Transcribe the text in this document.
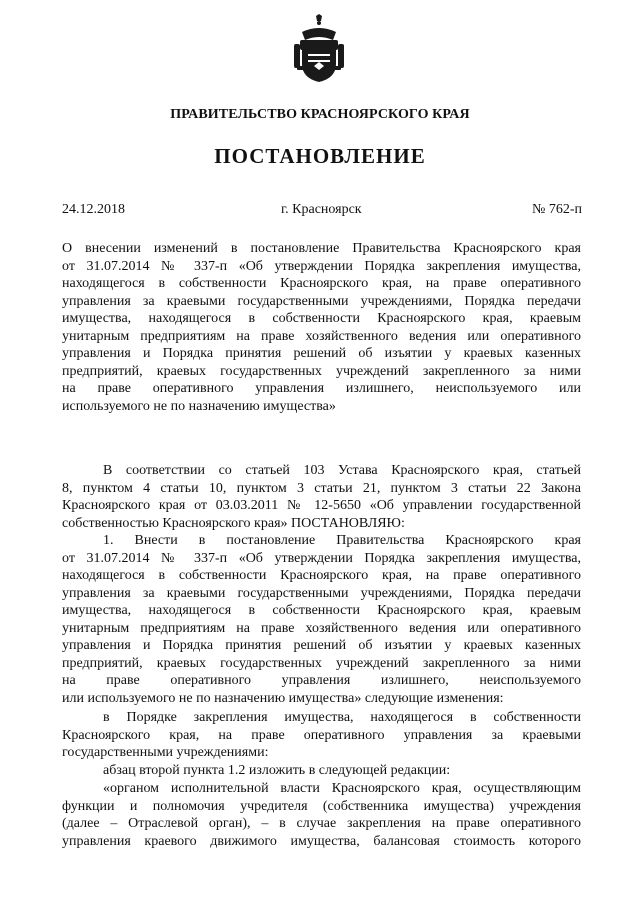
ПРАВИТЕЛЬСТВО КРАСНОЯРСКОГО КРАЯ
ПОСТАНОВЛЕНИЕ
24.12.2018	г. Красноярск	№ 762-п
О внесении изменений в постановление Правительства Красноярского края
от 31.07.2014 № 337-п «Об утверждении Порядка закрепления имущества,
находящегося в собственности Красноярского края, на праве оперативного
управления за краевыми государственными учреждениями, Порядка передачи
имущества, находящегося в собственности Красноярского края, краевым
унитарным предприятиям на праве хозяйственного ведения или оперативного
управления и Порядка принятия решений об изъятии у краевых казенных
предприятий, краевых государственных учреждений закрепленного за ними
на праве оперативного управления излишнего, неиспользуемого или
используемого не по назначению имущества»
В соответствии со статьей 103 Устава Красноярского края, статьей
8, пунктом 4 статьи 10, пунктом 3 статьи 21, пунктом 3 статьи 22 Закона
Красноярского края от 03.03.2011 № 12-5650 «Об управлении государственной
собственностью Красноярского края» ПОСТАНОВЛЯЮ:
1. Внести в постановление Правительства Красноярского края
от 31.07.2014 № 337-п «Об утверждении Порядка закрепления имущества,
находящегося в собственности Красноярского края, на праве оперативного
управления за краевыми государственными учреждениями, Порядка передачи
имущества, находящегося в собственности Красноярского края, краевым
унитарным предприятиям на праве хозяйственного ведения или оперативного
управления и Порядка принятия решений об изъятии у краевых казенных
предприятий, краевых государственных учреждений закрепленного за ними
на праве оперативного управления излишнего, неиспользуемого
или используемого не по назначению имущества» следующие изменения:
в Порядке закрепления имущества, находящегося в собственности
Красноярского края, на праве оперативного управления за краевыми
государственными учреждениями:
абзац второй пункта 1.2 изложить в следующей редакции:
«органом исполнительной власти Красноярского края, осуществляющим
функции и полномочия учредителя (собственника имущества) учреждения
(далее – Отраслевой орган), – в случае закрепления на праве оперативного
управления краевого движимого имущества, балансовая стоимость которого
